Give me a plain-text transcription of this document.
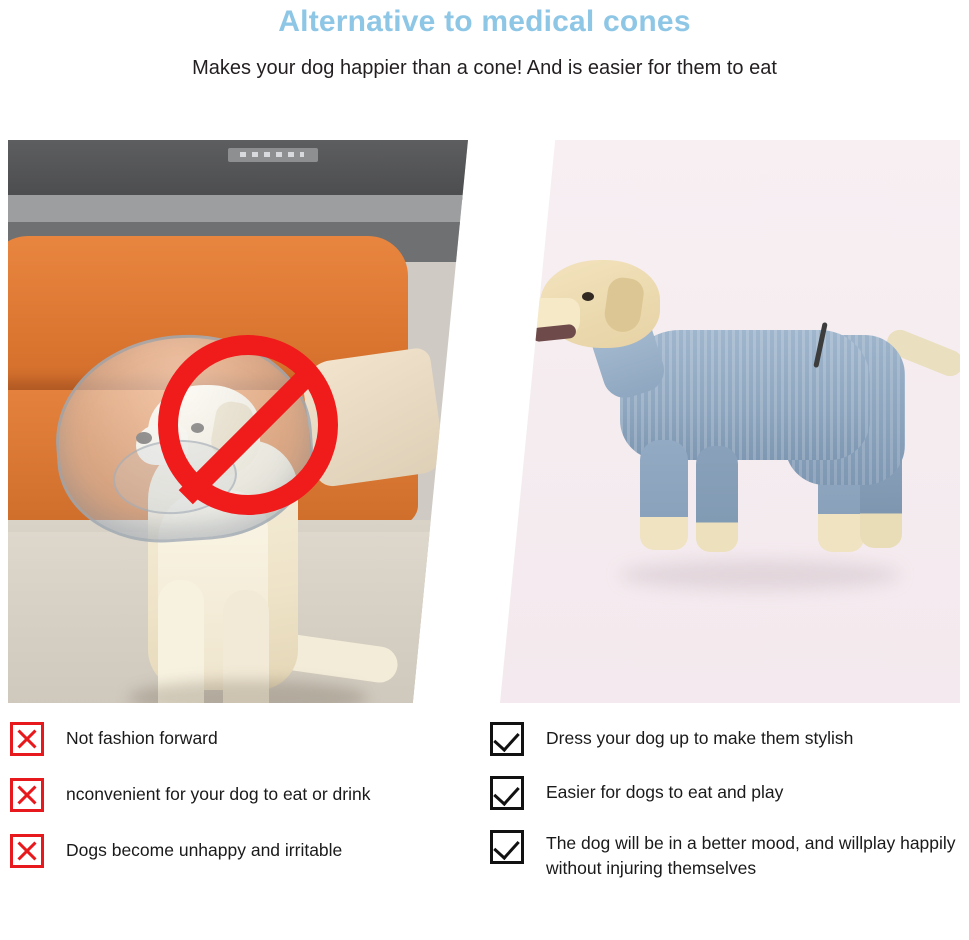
Alternative to medical cones
Makes your dog happier than a cone! And is easier for them to eat
Not fashion forward
nconvenient for your dog to eat or drink
Dogs become unhappy and irritable
Dress your dog up to make them stylish
Easier for dogs to eat and play
The dog will be in a better mood, and willplay happily without injuring themselves
